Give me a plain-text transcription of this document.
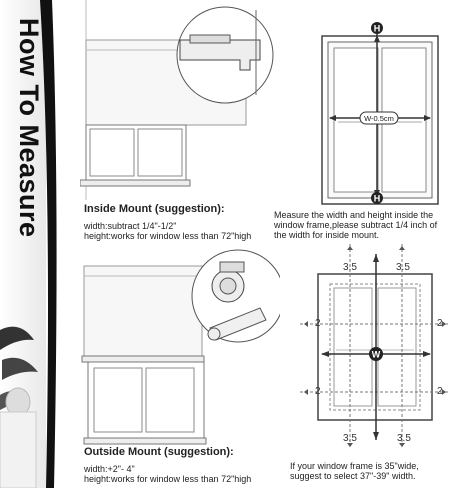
How To Measure	H
H
W-0.5cm
Inside Mount (suggestion):
width:subtract 1/4"-1/2"
height:works for window less than 72"high
Measure the width and height inside the window frame,please subtract 1/4 inch of the width for inside mount.
W
3.5	3.5
3.5	3.5
2	2
2	2
Outside Mount (suggestion):
width:+2"- 4"
height:works for window less than 72"high
If your window frame is 35"wide, suggest to select 37"-39" width.
